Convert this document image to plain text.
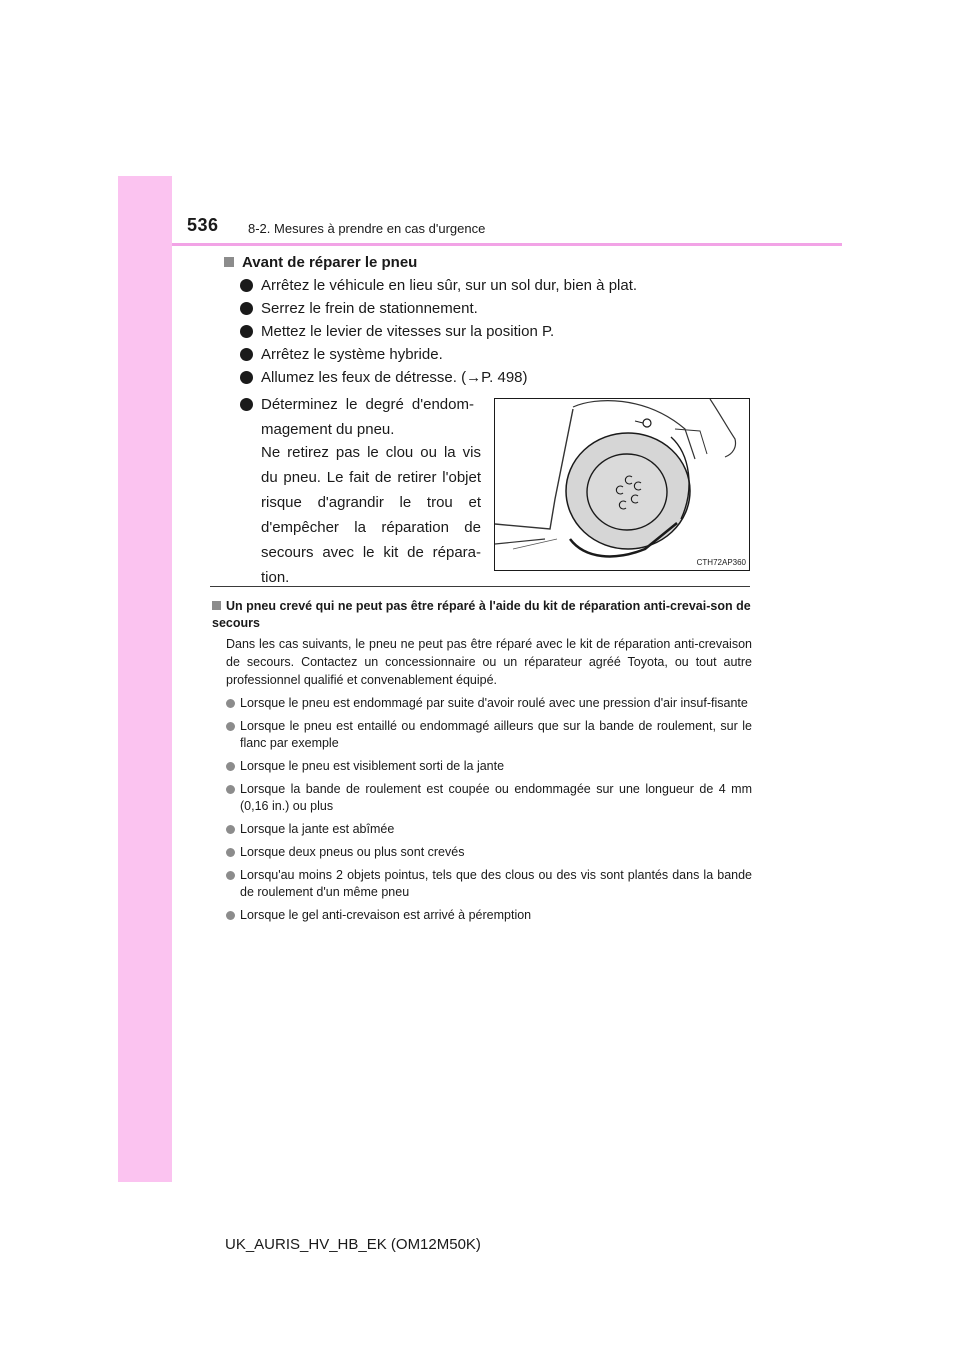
536 8-2. Mesures à prendre en cas d'urgence
Avant de réparer le pneu
Arrêtez le véhicule en lieu sûr, sur un sol dur, bien à plat.
Serrez le frein de stationnement.
Mettez le levier de vitesses sur la position P.
Arrêtez le système hybride.
Allumez les feux de détresse. (→P. 498)
Déterminez le degré d'endom-magement du pneu.
Ne retirez pas le clou ou la vis du pneu. Le fait de retirer l'objet risque d'agrandir le trou et d'empêcher la réparation de secours avec le kit de répara-tion.
CTH72AP360
Un pneu crevé qui ne peut pas être réparé à l'aide du kit de réparation anti-crevai-son de secours
Dans les cas suivants, le pneu ne peut pas être réparé avec le kit de réparation anti-crevaison de secours. Contactez un concessionnaire ou un réparateur agréé Toyota, ou tout autre professionnel qualifié et convenablement équipé.
Lorsque le pneu est endommagé par suite d'avoir roulé avec une pression d'air insuf-fisante
Lorsque le pneu est entaillé ou endommagé ailleurs que sur la bande de roulement, sur le flanc par exemple
Lorsque le pneu est visiblement sorti de la jante
Lorsque la bande de roulement est coupée ou endommagée sur une longueur de 4 mm (0,16 in.) ou plus
Lorsque la jante est abîmée
Lorsque deux pneus ou plus sont crevés
Lorsqu'au moins 2 objets pointus, tels que des clous ou des vis sont plantés dans la bande de roulement d'un même pneu
Lorsque le gel anti-crevaison est arrivé à péremption
UK_AURIS_HV_HB_EK (OM12M50K)
